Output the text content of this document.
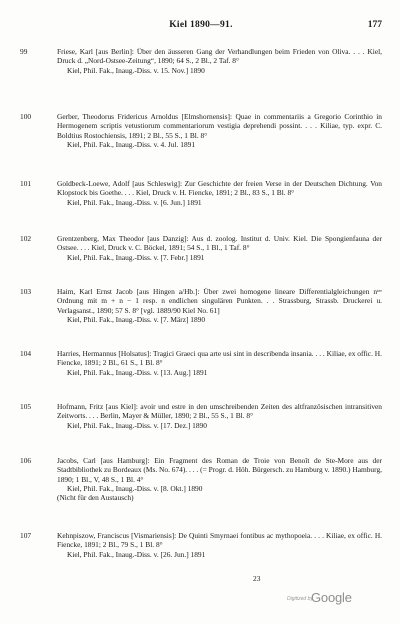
Kiel 1890—91.	177
99	Friese, Karl [aus Berlin]: Über den äusseren Gang der Verhandlungen beim Frieden von Oliva. . . . Kiel, Druck d. „Nord-Ostsee-Zeitung“, 1890; 64 S., 2 Bl., 2 Taf. 8°
Kiel, Phil. Fak., Inaug.-Diss. v. 15. Nov.] 1890
100	Gerber, Theodorus Fridericus Arnoldus [Elmshornensis]: Quae in commentariis a Gregorio Corinthio in Hermogenem scriptis vetustiorum commentariorum vestigia deprehendi possint. . . . Kiliae, typ. expr. C. Boldtius Rostochiensis, 1891; 2 Bl., 55 S., 1 Bl. 8°
Kiel, Phil. Fak., Inaug.-Diss. v. 4. Jul. 1891
101	Goldbeck-Loewe, Adolf [aus Schleswig]: Zur Geschichte der freien Verse in der Deutschen Dichtung. Von Klopstock bis Goethe. . . . Kiel, Druck v. H. Fiencke, 1891; 2 Bl., 83 S., 1 Bl. 8°
Kiel, Phil. Fak., Inaug.-Diss. v. [6. Jun.] 1891
102	Grentzenberg, Max Theodor [aus Danzig]: Aus d. zoolog. Institut d. Univ. Kiel. Die Spongienfauna der Ostsee. . . . Kiel, Druck v. C. Böckel, 1891; 54 S., 1 Bl., 1 Taf. 8°
Kiel, Phil. Fak., Inaug.-Diss. v. [7. Febr.] 1891
103	Haim, Karl Ernst Jacob [aus Hingen a/Hb.]: Über zwei homogene lineare Differentialgleichungen nᵗᵉʳ Ordnung mit m + n − 1 resp. n endlichen singulären Punkten. . . Strassburg, Strassb. Druckerei u. Verlagsanst., 1890; 57 S. 8° [vgl. 1889/90 Kiel No. 61]
Kiel, Phil. Fak., Inaug.-Diss. v. [7. März] 1890
104	Harries, Hermannus [Holsatus]: Tragici Graeci qua arte usi sint in describenda insania. . . . Kiliae, ex offic. H. Fiencke, 1891; 2 Bl., 61 S., 1 Bl. 8°
Kiel, Phil. Fak., Inaug.-Diss. v. [13. Aug.] 1891
105	Hofmann, Fritz [aus Kiel]: avoir und estre in den umschreibenden Zeiten des altfranzösischen intransitiven Zeitworts. . . . Berlin, Mayer & Müller, 1890; 2 Bl., 55 S., 1 Bl. 8°
Kiel, Phil. Fak., Inaug.-Diss. v. [17. Dez.] 1890
106	Jacobs, Carl [aus Hamburg]: Ein Fragment des Roman de Troie von Benoît de Ste-More aus der Stadtbibliothek zu Bordeaux (Ms. No. 674). . . . (= Progr. d. Höh. Bürgersch. zu Hamburg v. 1890.) Hamburg, 1890; 1 Bl., V, 48 S., 1 Bl. 4°
Kiel, Phil. Fak., Inaug.-Diss. v. [8. Okt.] 1890
(Nicht für den Austausch)
107	Kehnpiszow, Franciscus [Vismariensis]: De Quinti Smyrnaei fontibus ac mythopoeia. . . . Kiliae, ex offic. H. Fiencke, 1891; 2 Bl., 79 S., 1 Bl. 8°
Kiel, Phil. Fak., Inaug.-Diss. v. [26. Jun.] 1891
23
Digitized by
Google
